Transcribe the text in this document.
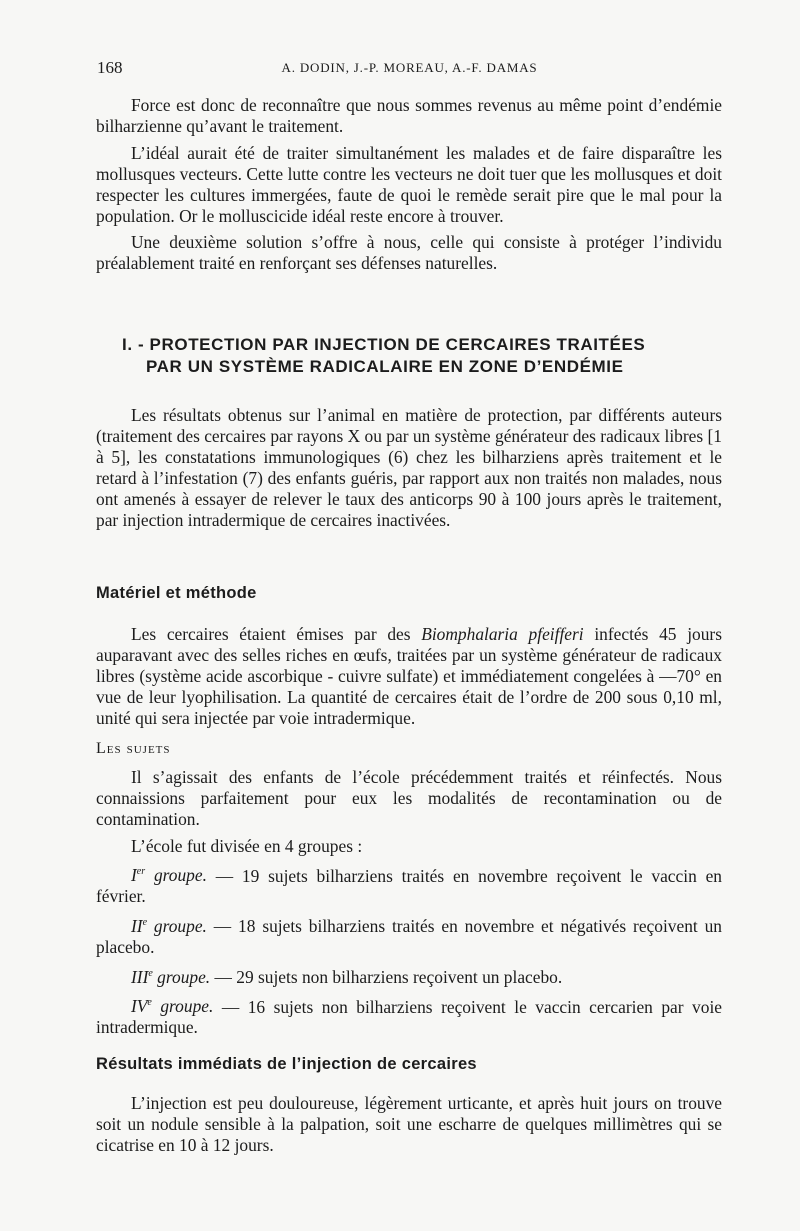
168	A. DODIN, J.-P. MOREAU, A.-F. DAMAS

Force est donc de reconnaître que nous sommes revenus au même point d’endémie bilharzienne qu’avant le traitement.

L’idéal aurait été de traiter simultanément les malades et de faire disparaître les mollusques vecteurs. Cette lutte contre les vecteurs ne doit tuer que les mollusques et doit respecter les cultures immergées, faute de quoi le remède serait pire que le mal pour la population. Or le molluscicide idéal reste encore à trouver.

Une deuxième solution s’offre à nous, celle qui consiste à protéger l’individu préalablement traité en renforçant ses défenses naturelles.

I. - PROTECTION PAR INJECTION DE CERCAIRES TRAITÉES
PAR UN SYSTÈME RADICALAIRE EN ZONE D’ENDÉMIE

Les résultats obtenus sur l’animal en matière de protection, par différents auteurs (traitement des cercaires par rayons X ou par un système générateur des radicaux libres [1 à 5], les constatations immunologiques (6) chez les bilharziens après traitement et le retard à l’infestation (7) des enfants guéris, par rapport aux non traités non malades, nous ont amenés à essayer de relever le taux des anticorps 90 à 100 jours après le traitement, par injection intradermique de cercaires inactivées.

Matériel et méthode

Les cercaires étaient émises par des Biomphalaria pfeifferi infectés 45 jours auparavant avec des selles riches en œufs, traitées par un système générateur de radicaux libres (système acide ascorbique - cuivre sulfate) et immédiatement congelées à —70° en vue de leur lyophilisation. La quantité de cercaires était de l’ordre de 200 sous 0,10 ml, unité qui sera injectée par voie intradermique.

Les sujets

Il s’agissait des enfants de l’école précédemment traités et réinfectés. Nous connaissions parfaitement pour eux les modalités de recontamination ou de contamination.

L’école fut divisée en 4 groupes :

Ier groupe. — 19 sujets bilharziens traités en novembre reçoivent le vaccin en février.

IIe groupe. — 18 sujets bilharziens traités en novembre et négativés reçoivent un placebo.

IIIe groupe. — 29 sujets non bilharziens reçoivent un placebo.

IVe groupe. — 16 sujets non bilharziens reçoivent le vaccin cercarien par voie intradermique.

Résultats immédiats de l’injection de cercaires

L’injection est peu douloureuse, légèrement urticante, et après huit jours on trouve soit un nodule sensible à la palpation, soit une escharre de quelques millimètres qui se cicatrise en 10 à 12 jours.
